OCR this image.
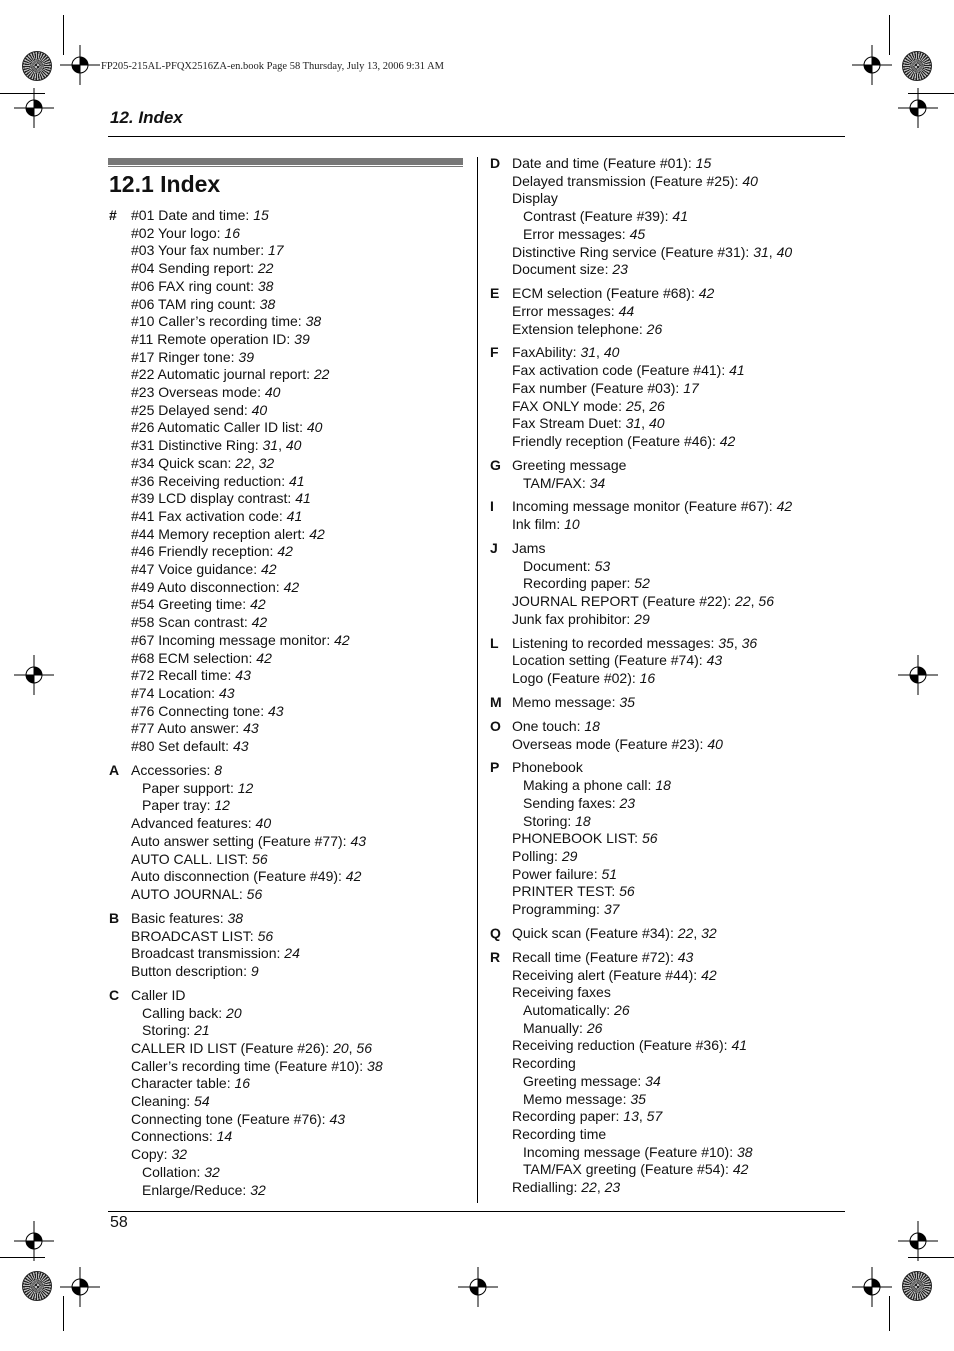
FP205-215AL-PFQX2516ZA-en.book Page 58 Thursday, July 13, 2006 9:31 AM
12. Index
12.1 Index
# #01 Date and time: 15
#02 Your logo: 16
#03 Your fax number: 17
#04 Sending report: 22
#06 FAX ring count: 38
#06 TAM ring count: 38
#10 Caller’s recording time: 38
#11 Remote operation ID: 39
#17 Ringer tone: 39
#22 Automatic journal report: 22
#23 Overseas mode: 40
#25 Delayed send: 40
#26 Automatic Caller ID list: 40
#31 Distinctive Ring: 31, 40
#34 Quick scan: 22, 32
#36 Receiving reduction: 41
#39 LCD display contrast: 41
#41 Fax activation code: 41
#44 Memory reception alert: 42
#46 Friendly reception: 42
#47 Voice guidance: 42
#49 Auto disconnection: 42
#54 Greeting time: 42
#58 Scan contrast: 42
#67 Incoming message monitor: 42
#68 ECM selection: 42
#72 Recall time: 43
#74 Location: 43
#76 Connecting tone: 43
#77 Auto answer: 43
#80 Set default: 43
A Accessories: 8
Paper support: 12
Paper tray: 12
Advanced features: 40
Auto answer setting (Feature #77): 43
AUTO CALL. LIST: 56
Auto disconnection (Feature #49): 42
AUTO JOURNAL: 56
B Basic features: 38
BROADCAST LIST: 56
Broadcast transmission: 24
Button description: 9
C Caller ID
Calling back: 20
Storing: 21
CALLER ID LIST (Feature #26): 20, 56
Caller’s recording time (Feature #10): 38
Character table: 16
Cleaning: 54
Connecting tone (Feature #76): 43
Connections: 14
Copy: 32
Collation: 32
Enlarge/Reduce: 32
D Date and time (Feature #01): 15
Delayed transmission (Feature #25): 40
Display
Contrast (Feature #39): 41
Error messages: 45
Distinctive Ring service (Feature #31): 31, 40
Document size: 23
E ECM selection (Feature #68): 42
Error messages: 44
Extension telephone: 26
F FaxAbility: 31, 40
Fax activation code (Feature #41): 41
Fax number (Feature #03): 17
FAX ONLY mode: 25, 26
Fax Stream Duet: 31, 40
Friendly reception (Feature #46): 42
G Greeting message
TAM/FAX: 34
I Incoming message monitor (Feature #67): 42
Ink film: 10
J Jams
Document: 53
Recording paper: 52
JOURNAL REPORT (Feature #22): 22, 56
Junk fax prohibitor: 29
L Listening to recorded messages: 35, 36
Location setting (Feature #74): 43
Logo (Feature #02): 16
M Memo message: 35
O One touch: 18
Overseas mode (Feature #23): 40
P Phonebook
Making a phone call: 18
Sending faxes: 23
Storing: 18
PHONEBOOK LIST: 56
Polling: 29
Power failure: 51
PRINTER TEST: 56
Programming: 37
Q Quick scan (Feature #34): 22, 32
R Recall time (Feature #72): 43
Receiving alert (Feature #44): 42
Receiving faxes
Automatically: 26
Manually: 26
Receiving reduction (Feature #36): 41
Recording
Greeting message: 34
Memo message: 35
Recording paper: 13, 57
Recording time
Incoming message (Feature #10): 38
TAM/FAX greeting (Feature #54): 42
Redialling: 22, 23
58
